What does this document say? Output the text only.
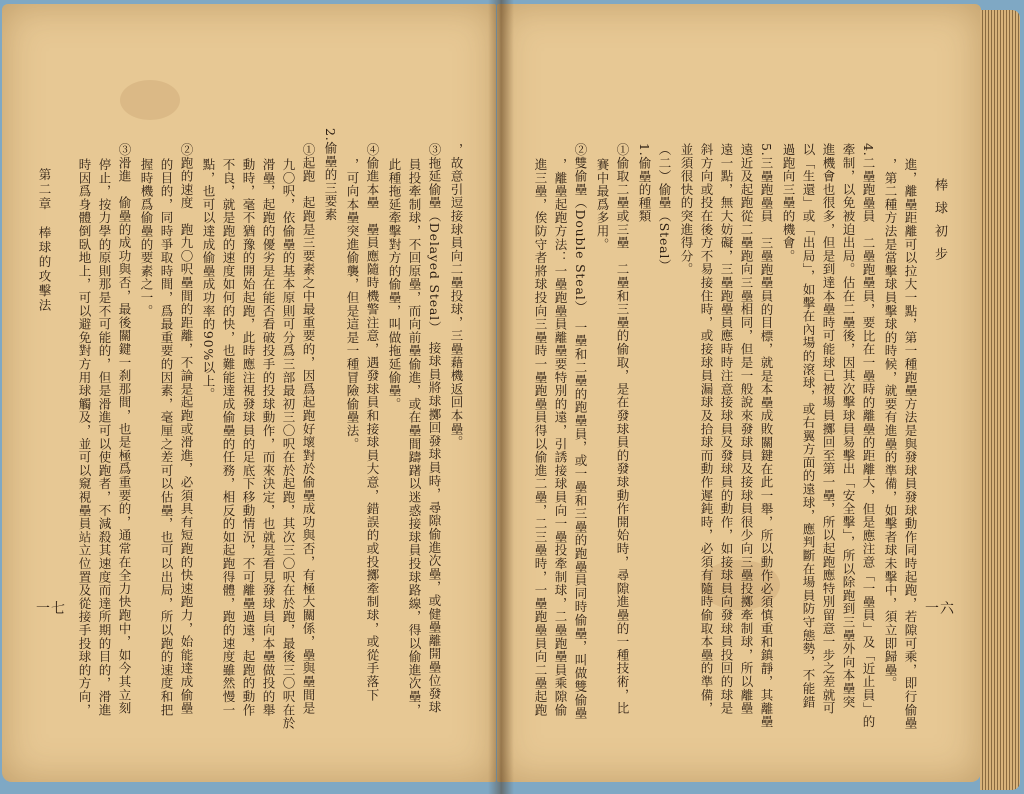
棒球初步
進，離壘距離可以拉大一點，第一種跑壘方法是與發球員發球動作同時起跑，若隙可乘，即行偷壘
，第二種方法是當擊球員擊球的時候，就要有進壘的準備，如擊者球未擊中，須立即歸壘。
4.二壘跑壘員　二壘跑壘員，要比在一壘時的離壘的距離大，但是應注意「一壘員」及「近止員」的
牽制，以免被迫出局。估在二壘後，因其次擊球員易擊出「安全擊」，所以除跑到三壘外向本壘突
進機會也很多，但是到達本壘時可能球已被場員擲回至第一壘，所以起跑應特別留意一步之差就可
以「生還」或「出局」，如擊在內場的滾球，或右翼方面的遠球，應判斷在場員防守態勢，不能錯
過跑向三壘的機會。
5.三壘跑壘員　三壘跑壘員的目標，就是本壘成敗關鍵在此一舉，所以動作必須慎重和鎮靜，其離壘
遠近及起跑從二壘跑向三壘相同，但是一般說來發球員及接球員很少向三壘投擲牽制球，所以離壘
遠一點，無大妨礙，三壘跑壘員應時時注意接球員及發球員的動作，如接球員向發球員投回的球是
斜方向或投在後方不易接住時，或接球員漏球及拾球而動作遲鈍時，必須有隨時偷取本壘的準備，
並須很快的突進得分。
（二）偷壘（Steal）
1.偷壘的種類
①偷取二壘或三壘　二壘和三壘的偷取，是在發球員的發球動作開始時，尋隙進壘的一種技術，比
賽中最爲多用。
②雙偷壘（Double Steal）　一壘和二壘的跑壘員，或一壘和三壘的跑壘員同時偷壘，叫做雙偷壘
，離壘起跑方法：一壘跑壘員離壘要特別的遠，引誘接球員向一壘投牽制球，二壘跑壘員乘隙偷
進三壘，俟防守者將球投向三壘時一壘跑壘員得以偷進二壘，二三壘時，一壘跑壘員向二壘起跑	一六
，故意引逗接球員向二壘投球，三壘藉機返回本壘。
③拖延偷壘（Delayed Steal）　接球員將球擲回發球員時，尋隙偷進次壘，或健壘離開壘位發球
員投牽制球，不回原壘，而向前壘偷進，或在壘間躊躇以迷惑接球員投球路線，得以偷進次壘，
此種拖延牽擊對方的偷壘，叫做拖延偷壘。
④偷進本壘　壘員應隨時機警注意，遇發球員和接球員大意，錯誤的或投擲牽制球，或從手落下
，可向本壘突進偷襲，但是這是一種冒險偷壘法。
2.偷壘的三要素
①起跑　起跑是三要素之中最重要的，因爲起跑好壞對於偷壘成功與否，有極大關係，壘與壘間是
九〇呎，依偷壘的基本原則可分爲三部最初三〇呎在於起跑，其次三〇呎在於跑，最後三〇呎在於
滑壘，起跑的優劣是在能否看破投手的投球動作，而來決定，也就是看見發球員向本壘做投的舉
動時，毫不猶豫的開始起跑，此時應注視發球員的足底下移動情況，不可離壘過遠，起跑的動作
不良，就是跑的速度如何的快，也難能達成偷壘的任務，相反的如起跑得體，跑的速度雖然慢一
點，也可以達成偷壘成功率的90%以上。
②跑的速度　跑九〇呎壘間的距離，不論是起跑或滑進，必須具有短跑的快速跑力，始能達成偷壘
的目的，同時爭取時間，爲最重要的因素，毫厘之差可以估壘，也可以出局，所以跑的速度和把
握時機爲偷壘的要素之一。
③滑進　偷壘的成功與否，最後關鍵一刹那間，也是極爲重要的，通常在全力快跑中，如今其立刻
停止，按力學的原則那是不可能的，但是滑進可以使跑者，不減殺其速度而達所期的目的，滑進
時因爲身體倒臥地上，可以避免對方用球觸及，並可以窺視壘員站立位置及從接手投球的方向，
第二章　棒球的攻擊法
一七
